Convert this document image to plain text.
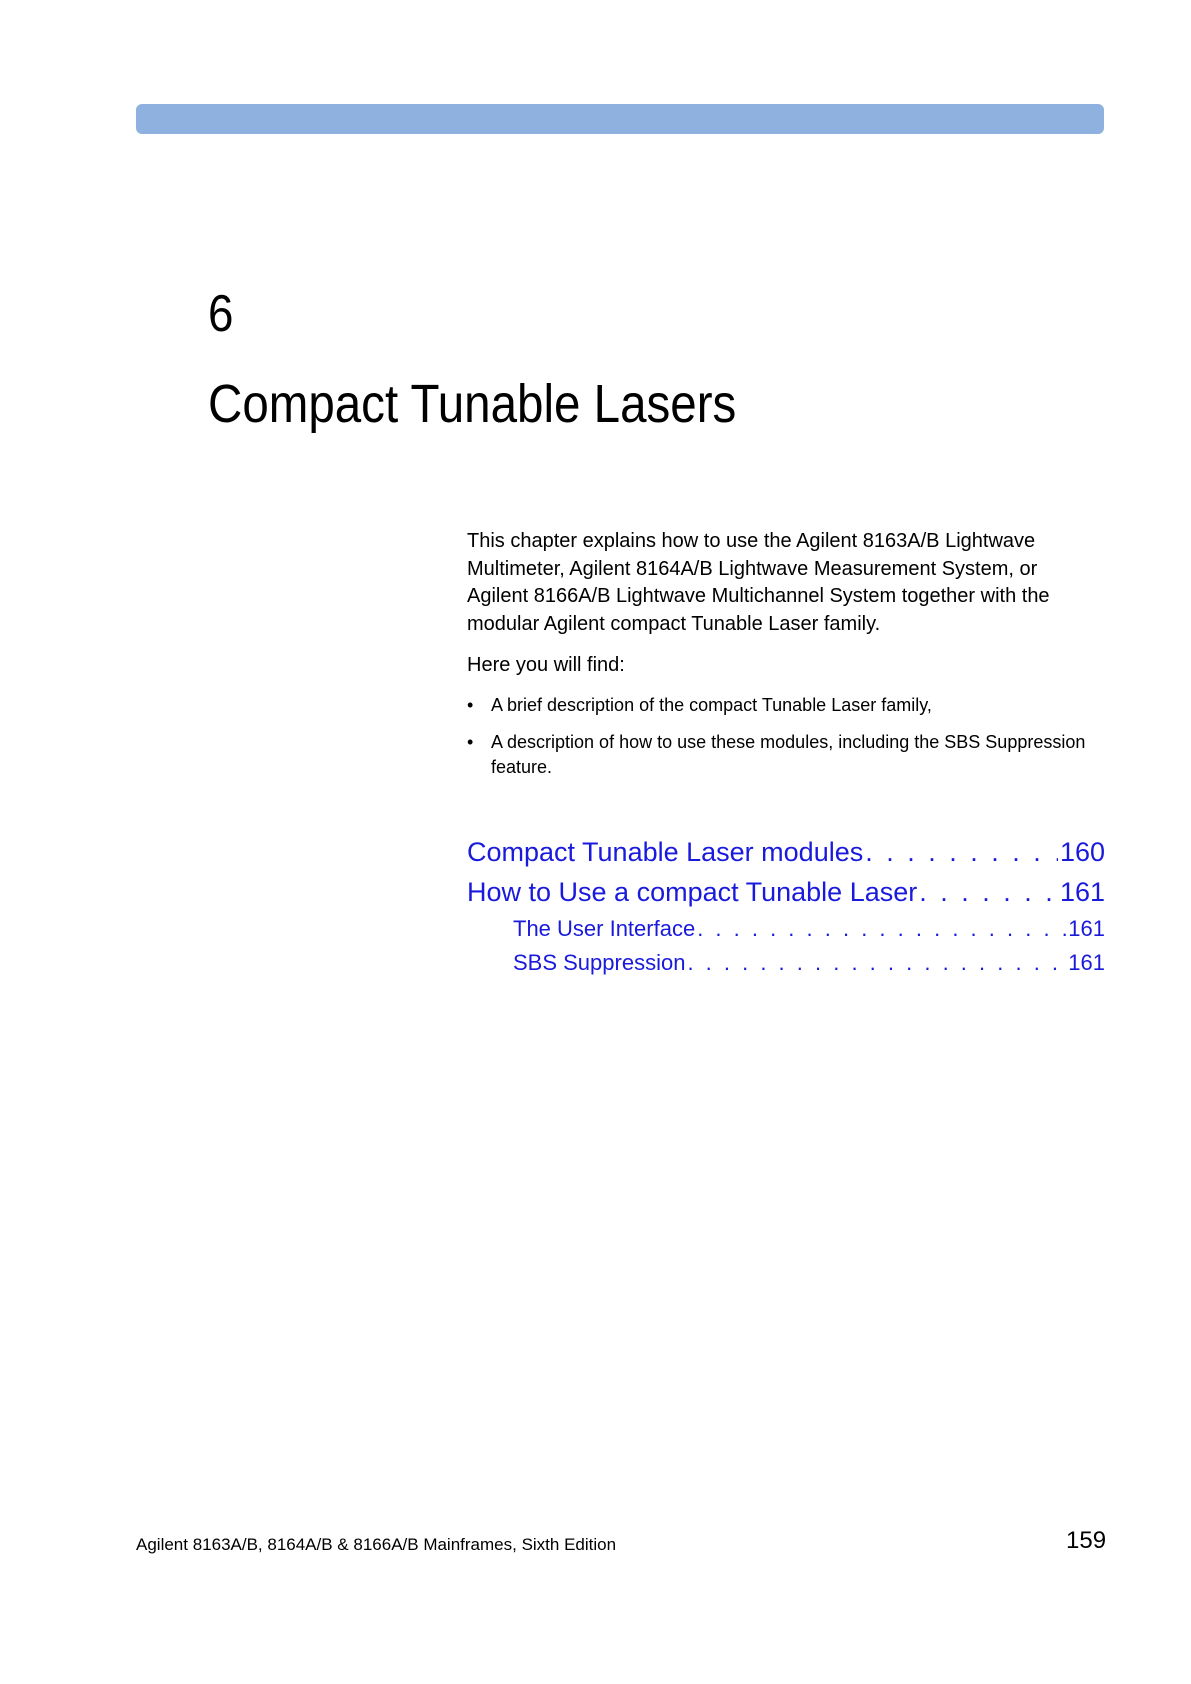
6
Compact Tunable Lasers

This chapter explains how to use the Agilent 8163A/B Lightwave Multimeter, Agilent 8164A/B Lightwave Measurement System, or Agilent 8166A/B Lightwave Multichannel System together with the modular Agilent compact Tunable Laser family.

Here you will find:

• A brief description of the compact Tunable Laser family,
• A description of how to use these modules, including the SBS Suppression feature.
Compact Tunable Laser modules . . .	160
How to Use a compact Tunable Laser . . .	161
The User Interface . . .	161
SBS Suppression . . .	161
Agilent 8163A/B, 8164A/B & 8166A/B Mainframes, Sixth Edition	159
